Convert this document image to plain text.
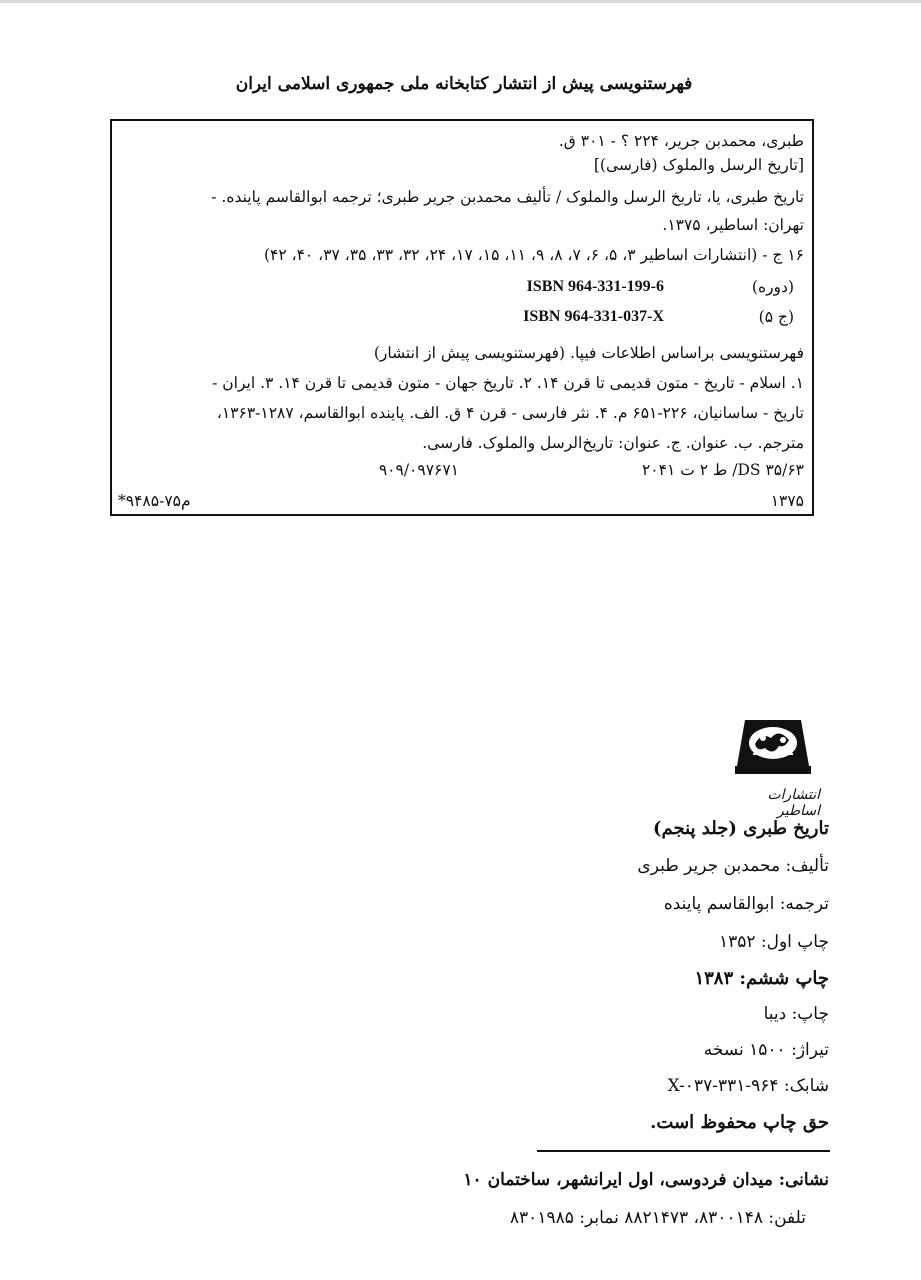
فهرستنویسی پیش از انتشار کتابخانه ملی جمهوری اسلامی ایران
طبری، محمدبن جریر، ۲۲۴ ؟ - ۳۰۱ ق.
[تاریخ الرسل والملوک (فارسی)]
تاریخ طبری، یا، تاریخ الرسل والملوک / تألیف محمدبن جریر طبری؛ ترجمه ابوالقاسم پاینده. -
تهران: اساطیر، ۱۳۷۵.
۱۶ ج - (انتشارات اساطیر ۳، ۵، ۶، ۷، ۸، ۹، ۱۱، ۱۵، ۱۷، ۲۴، ۳۲، ۳۳، ۳۵، ۳۷، ۴۰، ۴۲)
(دوره)
ISBN 964-331-199-6
(ج ۵)
ISBN 964-331-037-X
فهرستنویسی براساس اطلاعات فیپا. (فهرستنویسی پیش از انتشار)
۱. اسلام - تاریخ - متون قدیمی تا قرن ۱۴. ۲. تاریخ جهان - متون قدیمی تا قرن ۱۴. ۳. ایران -
تاریخ - ساسانیان، ۲۲۶-۶۵۱ م. ۴. نثر فارسی - قرن ۴ ق. الف. پاینده ابوالقاسم، ۱۲۸۷-۱۳۶۳،
مترجم. ب. عنوان. ج. عنوان: تاریخ‌الرسل والملوک. فارسی.
DS ۳۵/۶۳/ ط ۲ ت ۲۰۴۱
۹۰۹/۰۹۷۶۷۱
۱۳۷۵
م۷۵-۹۴۸۵*
انتشارات اساطیر
تاریخ طبری (جلد پنجم)
تألیف: محمدبن جریر طبری
ترجمه: ابوالقاسم پاینده
چاپ اول: ۱۳۵۲
چاپ ششم: ۱۳۸۳
چاپ: دیبا
تیراژ: ۱۵۰۰ نسخه
شابک: X-۰۳۷-۳۳۱-۹۶۴
حق چاپ محفوظ است.
نشانی: میدان فردوسی، اول ایرانشهر، ساختمان ۱۰
تلفن: ۸۳۰۰۱۴۸، ۸۸۲۱۴۷۳ نمابر: ۸۳۰۱۹۸۵
